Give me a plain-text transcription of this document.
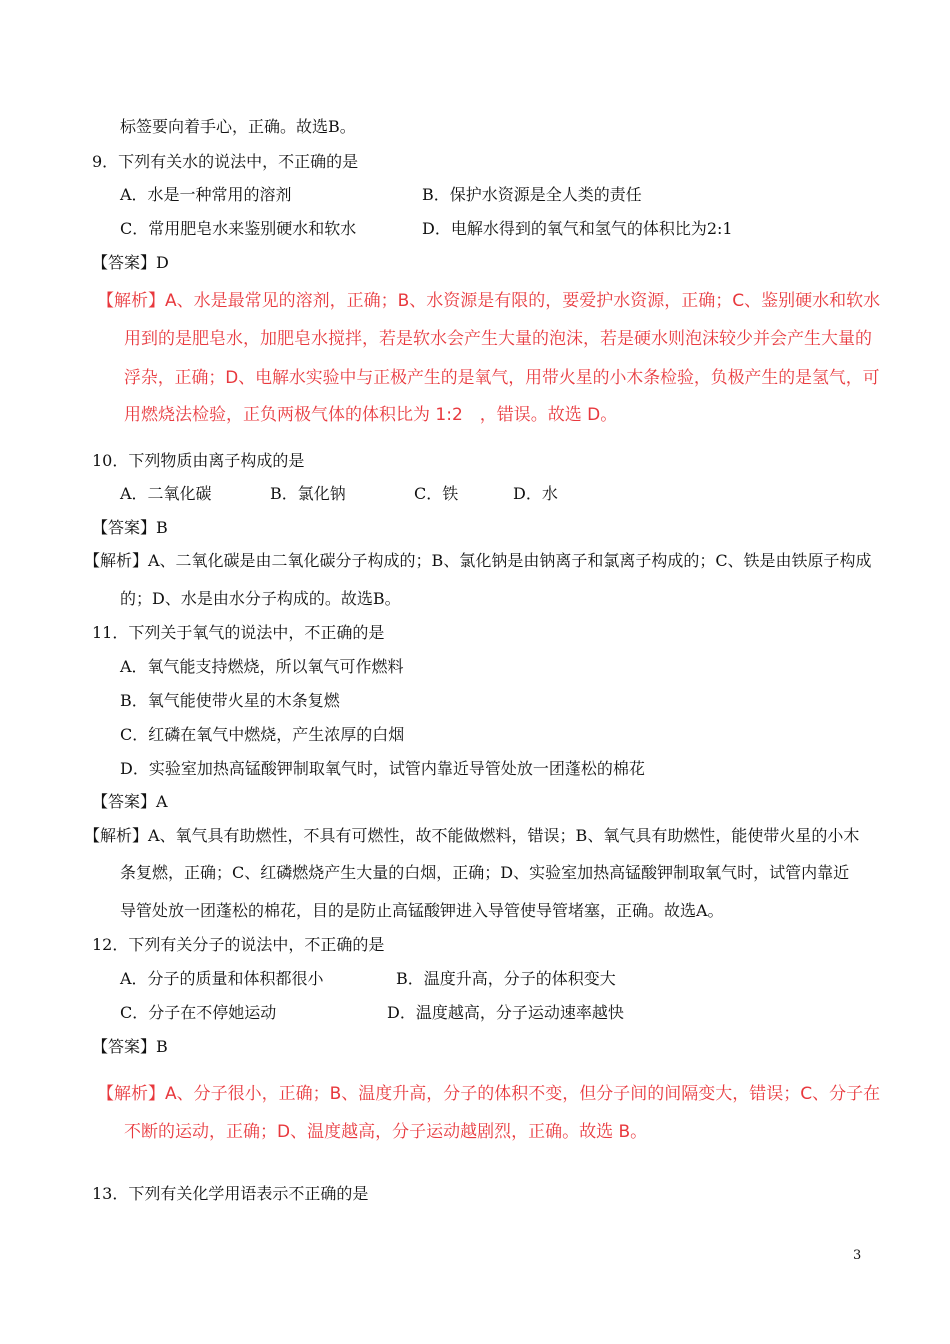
标签要向着手心，正确。故选B。
9．下列有关水的说法中，不正确的是
A．水是一种常用的溶剂	B．保护水资源是全人类的责任
C．常用肥皂水来鉴别硬水和软水	D．电解水得到的氧气和氢气的体积比为2:1
【答案】D
【解析】A、水是最常见的溶剂，正确；B、水资源是有限的，要爱护水资源，正确；C、鉴别硬水和软水
用到的是肥皂水，加肥皂水搅拌，若是软水会产生大量的泡沫，若是硬水则泡沫较少并会产生大量的
浮杂，正确；D、电解水实验中与正极产生的是氧气，用带火星的小木条检验，负极产生的是氢气，可
用燃烧法检验，正负两极气体的体积比为 1:2　，错误。故选 D。
10．下列物质由离子构成的是
A．二氧化碳	B．氯化钠	C．铁	D．水
【答案】B
【解析】A、二氧化碳是由二氧化碳分子构成的；B、氯化钠是由钠离子和氯离子构成的；C、铁是由铁原子构成
的；D、水是由水分子构成的。故选B。
11．下列关于氧气的说法中，不正确的是
A．氧气能支持燃烧，所以氧气可作燃料
B．氧气能使带火星的木条复燃
C．红磷在氧气中燃烧，产生浓厚的白烟
D．实验室加热高锰酸钾制取氧气时，试管内靠近导管处放一团蓬松的棉花
【答案】A
【解析】A、氧气具有助燃性，不具有可燃性，故不能做燃料，错误；B、氧气具有助燃性，能使带火星的小木
条复燃，正确；C、红磷燃烧产生大量的白烟，正确；D、实验室加热高锰酸钾制取氧气时，试管内靠近
导管处放一团蓬松的棉花，目的是防止高锰酸钾进入导管使导管堵塞，正确。故选A。
12．下列有关分子的说法中，不正确的是
A．分子的质量和体积都很小	B．温度升高，分子的体积变大
C．分子在不停她运动	D．温度越高，分子运动速率越快
【答案】B
【解析】A、分子很小，正确；B、温度升高，分子的体积不变，但分子间的间隔变大，错误；C、分子在
不断的运动，正确；D、温度越高，分子运动越剧烈，正确。故选 B。
13．下列有关化学用语表示不正确的是
3
